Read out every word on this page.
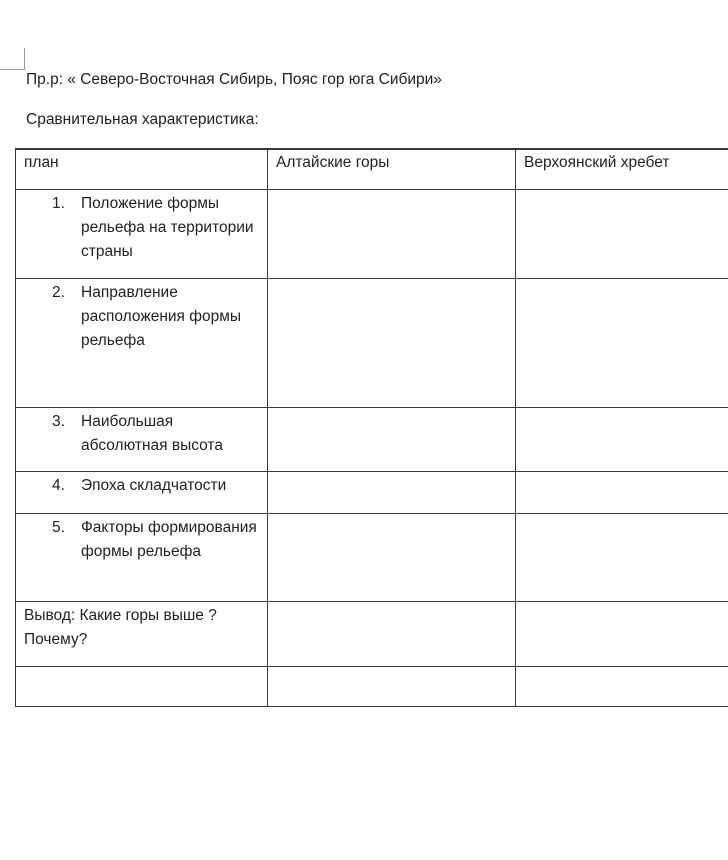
Пр.р: « Северо-Восточная Сибирь, Пояс гор юга Сибири»
Сравнительная характеристика:
план	Алтайские горы	Верхоянский хребет

1. Положение формы рельефа на территории страны		

2. Направление расположения формы рельефа		

3. Наибольшая абсолютная высота		

4. Эпоха складчатости		

5. Факторы формирования формы рельефа		

Вывод: Какие горы выше ? Почему?		
